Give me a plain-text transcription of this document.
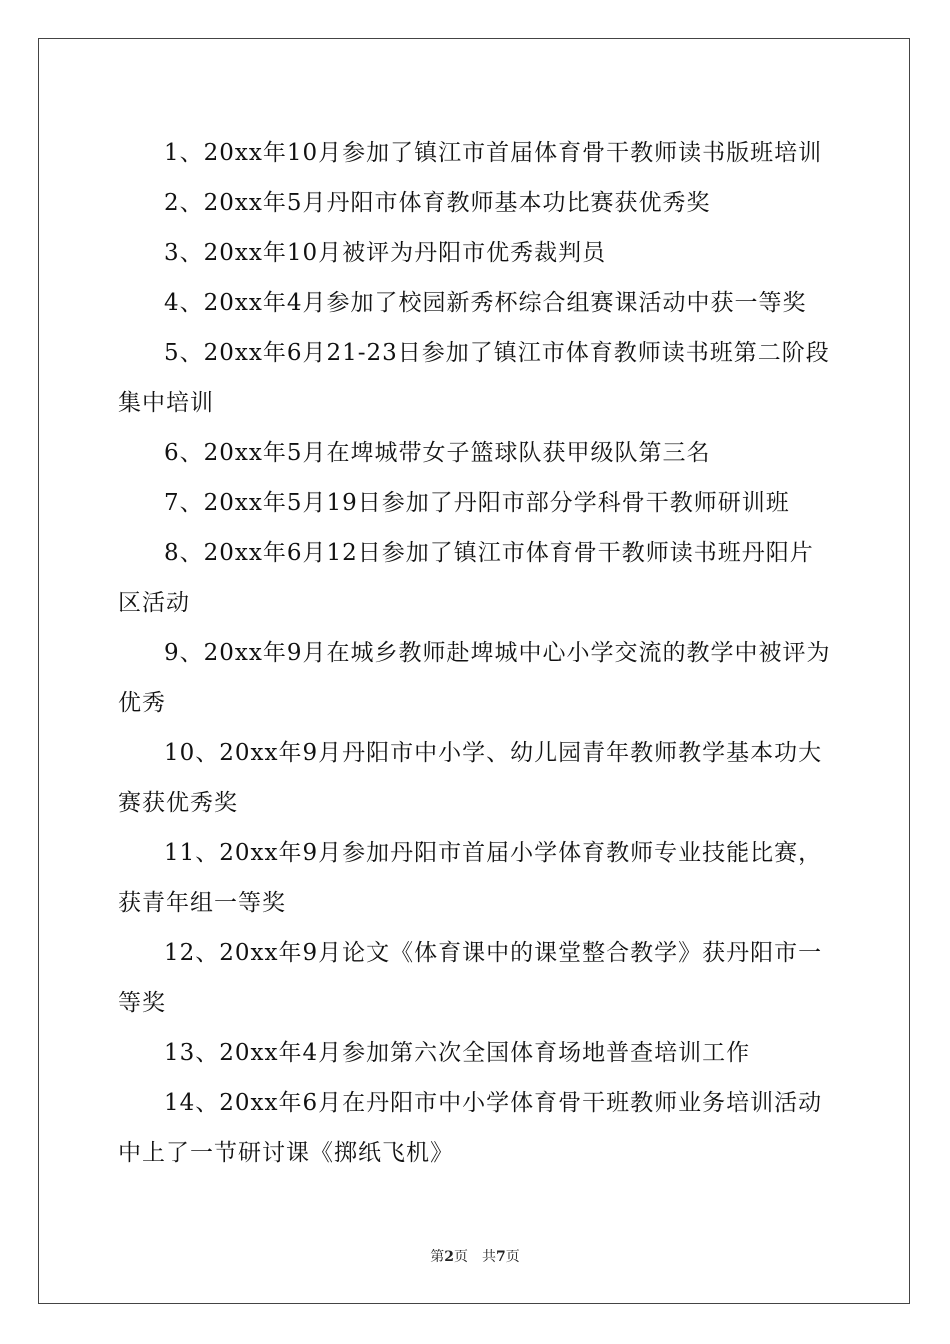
1、20xx年10月参加了镇江市首届体育骨干教师读书版班培训

2、20xx年5月丹阳市体育教师基本功比赛获优秀奖

3、20xx年10月被评为丹阳市优秀裁判员

4、20xx年4月参加了校园新秀杯综合组赛课活动中获一等奖

5、20xx年6月21-23日参加了镇江市体育教师读书班第二阶段集中培训

6、20xx年5月在埤城带女子篮球队获甲级队第三名

7、20xx年5月19日参加了丹阳市部分学科骨干教师研训班

8、20xx年6月12日参加了镇江市体育骨干教师读书班丹阳片区活动

9、20xx年9月在城乡教师赴埤城中心小学交流的教学中被评为优秀

10、20xx年9月丹阳市中小学、幼儿园青年教师教学基本功大赛获优秀奖

11、20xx年9月参加丹阳市首届小学体育教师专业技能比赛，获青年组一等奖

12、20xx年9月论文《体育课中的课堂整合教学》获丹阳市一等奖

13、20xx年4月参加第六次全国体育场地普查培训工作

14、20xx年6月在丹阳市中小学体育骨干班教师业务培训活动中上了一节研讨课《掷纸飞机》

第2页 共7页
